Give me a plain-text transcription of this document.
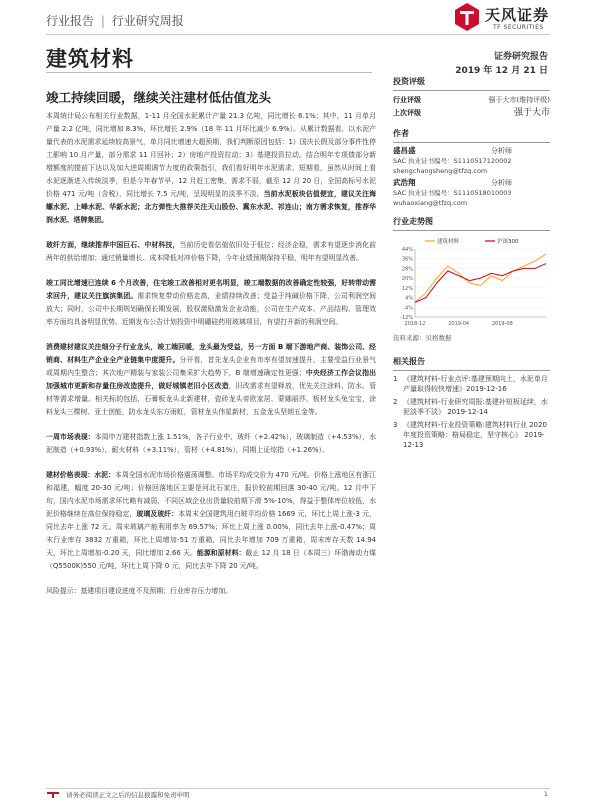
行业报告 | 行业研究周报	天风证券
TF SECURITIES
建筑材料	证券研究报告
2019 年 12 月 21 日
竣工持续回暖，继续关注建材低估值龙头

本周统计局公布相关行业数据，1-11 月全国水泥累计产量 21.3 亿吨，同比增长 6.1%；其中，11 月单月产量 2.2 亿吨，同比增加 8.3%，环比增长 2.9%（18 年 11 月环比减少 6.9%）。从累计数据看，以水泥产量代表的水泥需求延续较高景气，单月同比增速大超预期，我们判断原因包括：1）国庆长假及部分事件性停工影响 10 月产量，部分需求 11 月回补；2）房地产投资拉动；3）基建投资拉动。结合明年专项债部分新增额度的提前下达以及加大逆周期调节力度的政策指引，我们看好明年水泥需求，短期看，虽然从时间上看水泥逐渐进入传统淡季，但是今年春节早，12 月赶工密集，需求不弱，截至 12 月 20 日，全国高标号水泥价格 471 元/吨（含税），同比增长 7.5 元/吨，呈现明显的淡季不淡，当前水泥板块估值便宜，建议关注海螺水泥、上峰水泥、华新水泥；北方弹性大推荐关注天山股份、冀东水泥、祁连山；南方需求恢复，推荐华润水泥、塔牌集团。

玻纤方面，继续推荐中国巨石、中材科技，当前历史看估值依旧处于低位；经济企稳，需求有望逐步消化前两年的供给增加；通过销量增长、成本降低对冲价格下降，今年业绩预期保持平稳，明年有望明显改善。

竣工同比增速已连续 6 个月改善，住宅竣工改善相对更名明显，竣工端数据的改善确定性较强，好转带动需求回升，建议关注旗滨集团。需求恢复带动价格走高，业绩持续改善；受益于纯碱价格下降，公司利润空间放大；同时，公司中长期规划确保长期发展，股权激励激发企业动能，公司在生产成本、产品结构、管理效率方面均具备明显优势。近期发布公告计划投资中明硼硅药用玻璃项目，有望打开新的利润空间。

消费建材建议关注细分子行业龙头，竣工端回暖，龙头最为受益，另一方面 B 端下游地产商、装饰公司、经销商、材料生产企业全产业链集中度提升。分开看，首先龙头企业有市率有望加速提升，主要受益行业景气或周期内生整合；其次地产精装与家装公司集采扩大趋势下，B 端增速确定性更强；中央经济工作会议指出加强城市更新和存量住房改造提升，做好城镇老旧小区改造，旧改需求有望释放，优先关注涂料、防水、管材等需求增量。相关标的包括，石膏板龙头北新建材，瓷砖龙头帝欧家居、蒙娜丽莎，板材龙头兔宝宝，涂料龙头三棵树、亚士创能，防水龙头东方雨虹，管材龙头伟星新材，五金龙头坚朗五金等。

一周市场表现：本周申万建材指数上涨 1.51%，各子行业中，玻纤（+2.42%），玻璃制造（+4.53%），水泥制造（+0.93%），耐火材料（+3.11%），管材（+4.81%），同期上证综指（+1.26%）。

建材价格表现：水泥：本周全国水泥市场价格震荡调整。市场平均成交价为 470 元/吨。价格上涨地区有浙江和福建，幅度 20-30 元/吨；价格回落地区主要是河北石家庄，报价较前期回落 30-40 元/吨。12 月中下旬，国内水泥市场需求环比略有减弱，不同区域企业出货量较前期下滑 5%-10%，得益于整体库位较低，水泥价格继续在高位保持稳定，玻璃及玻纤：本周末全国建筑用白玻平均价格 1669 元，环比上周上涨-3 元，同比去年上涨 72 元。周末玻璃产能利用率为 69.57%；环比上周上涨 0.00%，同比去年上涨-0.47%；周末行业库存 3832 万重箱，环比上周增加-51 万重箱，同比去年增加 709 万重箱，周末库存天数 14.94 天，环比上周增加-0.20 天，同比增加 2.66 天。能源和原材料：截止 12 月 18 日（本周三）环渤海动力煤（Q5500K)550 元/吨，环比上周下降 0 元，同比去年下降 20 元/吨。

风险提示：基建项目建设进度不及预期；行业库存压力增加。

投资评级
行业评级	强于大市(维持评级)
上次评级	强于大市
作者
盛昌盛	分析师
SAC 执业证书编号：S1110517120002
shengchangsheng@tfzq.com
武浩翔	分析师
SAC 执业证书编号：S1110518010003
wuhaoxiang@tfzq.com
行业走势图
-12%
-4%
4%
12%
20%
28%
36%
44%
2018-12	2019-04	2019-08
建筑材料	沪深300
资料来源：贝格数据
相关报告
1 《建筑材料-行业点评:基建预期向上，水泥单月产量取得较快增速》2019-12-16
2 《建筑材料-行业研究周报:基建补短板延续，水泥淡季不淡》 2019-12-14
3 《建筑材料-行业投资策略:建筑材料行业 2020 年度投资策略：格局稳定，坚守核心》 2019-12-13
请务必阅读正文之后的信息披露和免责申明	1
